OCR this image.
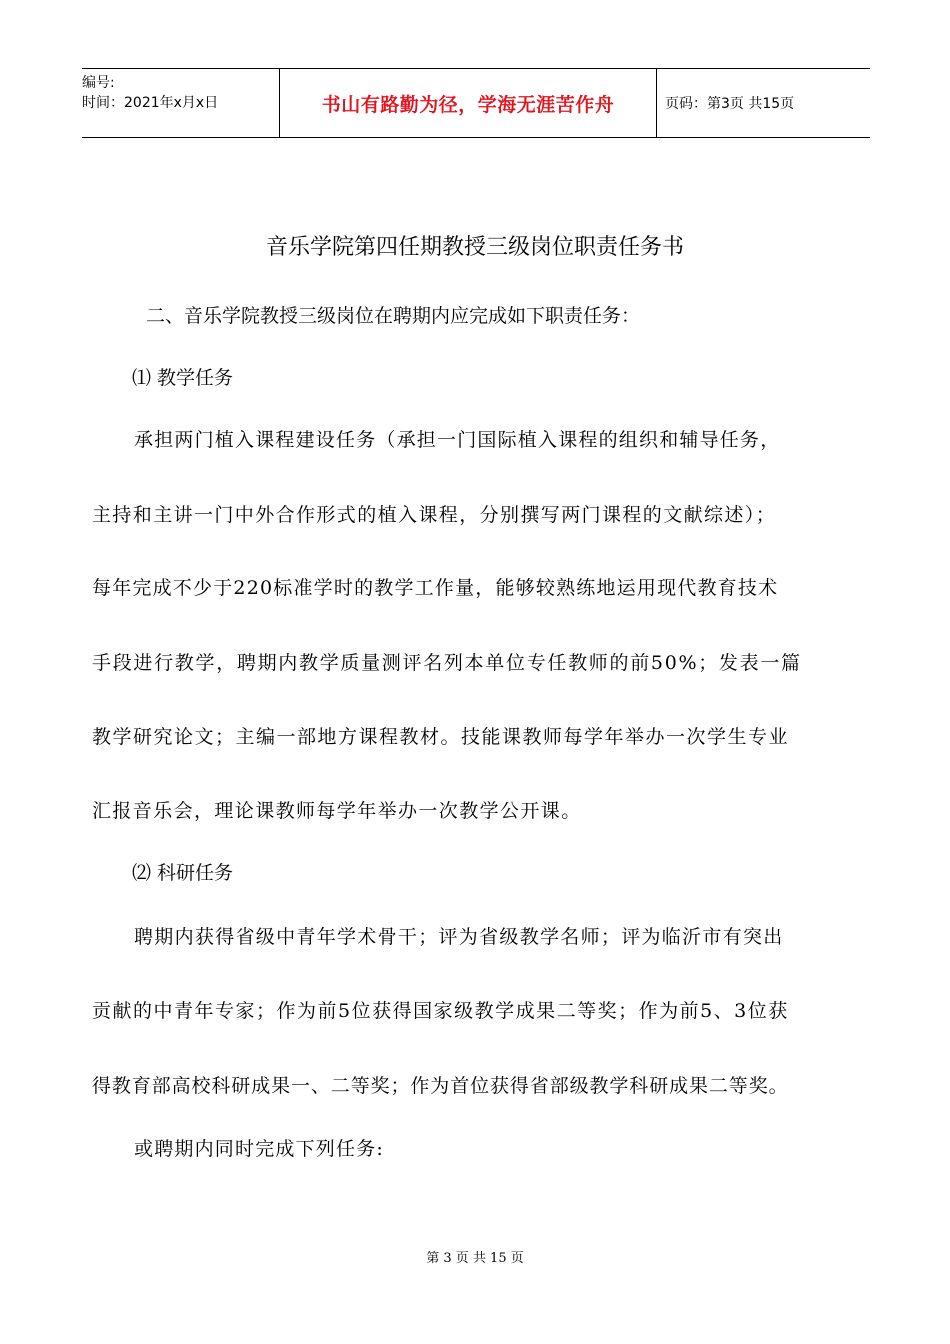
编号:
时间：2021年x月x日	书山有路勤为径，学海无涯苦作舟	页码：第3页 共15页
音乐学院第四任期教授三级岗位职责任务书
二、音乐学院教授三级岗位在聘期内应完成如下职责任务：
⑴ 教学任务
承担两门植入课程建设任务（承担一门国际植入课程的组织和辅导任务，
主持和主讲一门中外合作形式的植入课程，分别撰写两门课程的文献综述）；
每年完成不少于220标准学时的教学工作量，能够较熟练地运用现代教育技术
手段进行教学，聘期内教学质量测评名列本单位专任教师的前50%；发表一篇
教学研究论文；主编一部地方课程教材。技能课教师每学年举办一次学生专业
汇报音乐会，理论课教师每学年举办一次教学公开课。
⑵ 科研任务
聘期内获得省级中青年学术骨干；评为省级教学名师；评为临沂市有突出
贡献的中青年专家；作为前5位获得国家级教学成果二等奖；作为前5、3位获
得教育部高校科研成果一、二等奖；作为首位获得省部级教学科研成果二等奖。
或聘期内同时完成下列任务:
第 3 页 共 15 页
